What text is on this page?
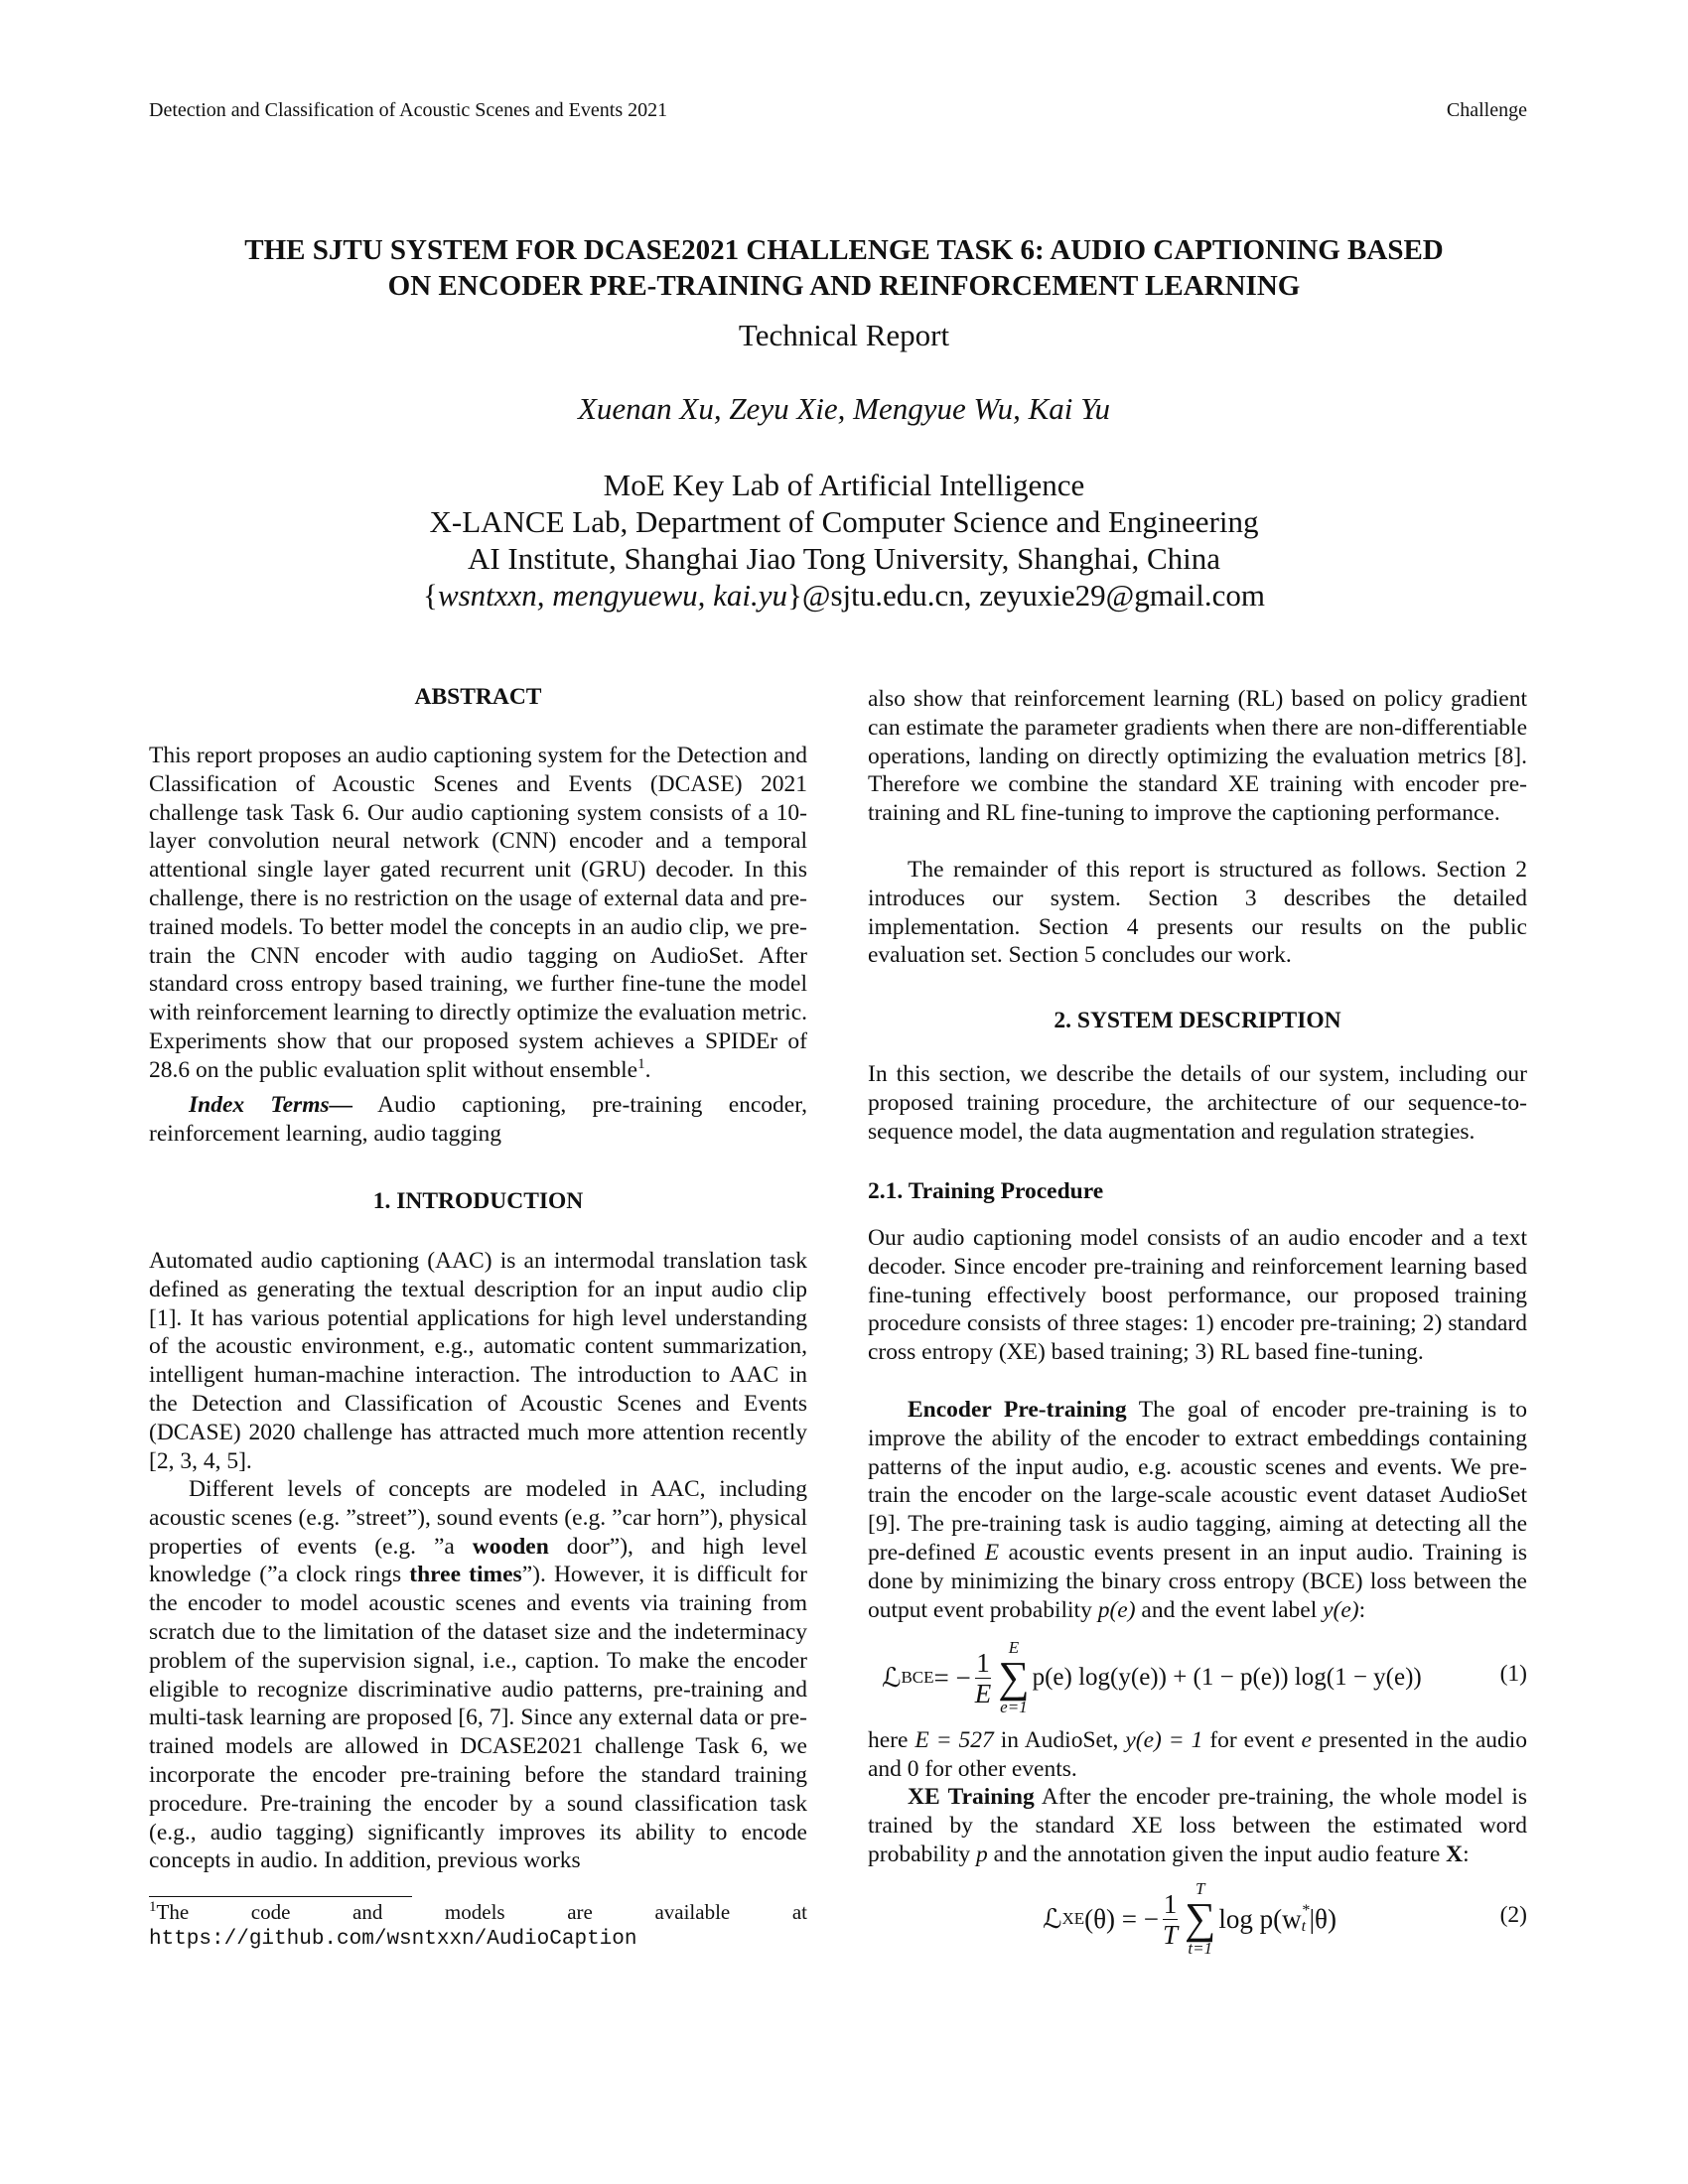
Detection and Classification of Acoustic Scenes and Events 2021	Challenge
THE SJTU SYSTEM FOR DCASE2021 CHALLENGE TASK 6: AUDIO CAPTIONING BASED
ON ENCODER PRE-TRAINING AND REINFORCEMENT LEARNING
Technical Report
Xuenan Xu, Zeyu Xie, Mengyue Wu, Kai Yu
MoE Key Lab of Artificial Intelligence
X-LANCE Lab, Department of Computer Science and Engineering
AI Institute, Shanghai Jiao Tong University, Shanghai, China
{wsntxxn, mengyuewu, kai.yu}@sjtu.edu.cn, zeyuxie29@gmail.com
ABSTRACT

This report proposes an audio captioning system for the Detection and Classification of Acoustic Scenes and Events (DCASE) 2021 challenge task Task 6. Our audio captioning system consists of a 10-layer convolution neural network (CNN) encoder and a temporal attentional single layer gated recurrent unit (GRU) decoder. In this challenge, there is no restriction on the usage of external data and pre-trained models. To better model the concepts in an audio clip, we pre-train the CNN encoder with audio tagging on AudioSet. After standard cross entropy based training, we further fine-tune the model with reinforcement learning to directly optimize the evaluation metric. Experiments show that our proposed system achieves a SPIDEr of 28.6 on the public evaluation split without ensemble$^1$.

Index Terms— Audio captioning, pre-training encoder, reinforcement learning, audio tagging

1. INTRODUCTION

Automated audio captioning (AAC) is an intermodal translation task defined as generating the textual description for an input audio clip [1]. It has various potential applications for high level understanding of the acoustic environment, e.g., automatic content summarization, intelligent human-machine interaction. The introduction to AAC in the Detection and Classification of Acoustic Scenes and Events (DCASE) 2020 challenge has attracted much more attention recently [2, 3, 4, 5].

Different levels of concepts are modeled in AAC, including acoustic scenes (e.g. ”street”), sound events (e.g. ”car horn”), physical properties of events (e.g. ”a wooden door”), and high level knowledge (”a clock rings three times”). However, it is difficult for the encoder to model acoustic scenes and events via training from scratch due to the limitation of the dataset size and the indeterminacy problem of the supervision signal, i.e., caption. To make the encoder eligible to recognize discriminative audio patterns, pre-training and multi-task learning are proposed [6, 7]. Since any external data or pre-trained models are allowed in DCASE2021 challenge Task 6, we incorporate the encoder pre-training before the standard training procedure. Pre-training the encoder by a sound classification task (e.g., audio tagging) significantly improves its ability to encode concepts in audio. In addition, previous works

$^1$The code and models are available at https://github.com/wsntxxn/AudioCaption

also show that reinforcement learning (RL) based on policy gradient can estimate the parameter gradients when there are non-differentiable operations, landing on directly optimizing the evaluation metrics [8]. Therefore we combine the standard XE training with encoder pre-training and RL fine-tuning to improve the captioning performance.

The remainder of this report is structured as follows. Section 2 introduces our system. Section 3 describes the detailed implementation. Section 4 presents our results on the public evaluation set. Section 5 concludes our work.

2. SYSTEM DESCRIPTION

In this section, we describe the details of our system, including our proposed training procedure, the architecture of our sequence-to-sequence model, the data augmentation and regulation strategies.

2.1. Training Procedure

Our audio captioning model consists of an audio encoder and a text decoder. Since encoder pre-training and reinforcement learning based fine-tuning effectively boost performance, our proposed training procedure consists of three stages: 1) encoder pre-training; 2) standard cross entropy (XE) based training; 3) RL based fine-tuning.

Encoder Pre-training The goal of encoder pre-training is to improve the ability of the encoder to extract embeddings containing patterns of the input audio, e.g. acoustic scenes and events. We pre-train the encoder on the large-scale acoustic event dataset AudioSet [9]. The pre-training task is audio tagging, aiming at detecting all the pre-defined E acoustic events present in an input audio. Training is done by minimizing the binary cross entropy (BCE) loss between the output event probability p(e) and the event label y(e):

ℒ BCE = − $\frac{1}{E}$	E
∑
e=1
p(e) log(y(e)) + (1 − p(e)) log(1 − y(e))	(1)

here E = 527 in AudioSet, y(e) = 1 for event e presented in the audio and 0 for other events.

XE Training After the encoder pre-training, the whole model is trained by the standard XE loss between the estimated word probability p and the annotation given the input audio feature X:

ℒ XE (θ) = − $\frac{1}{T}$	T
∑
t=1
log p(w *
t |θ)	(2)
